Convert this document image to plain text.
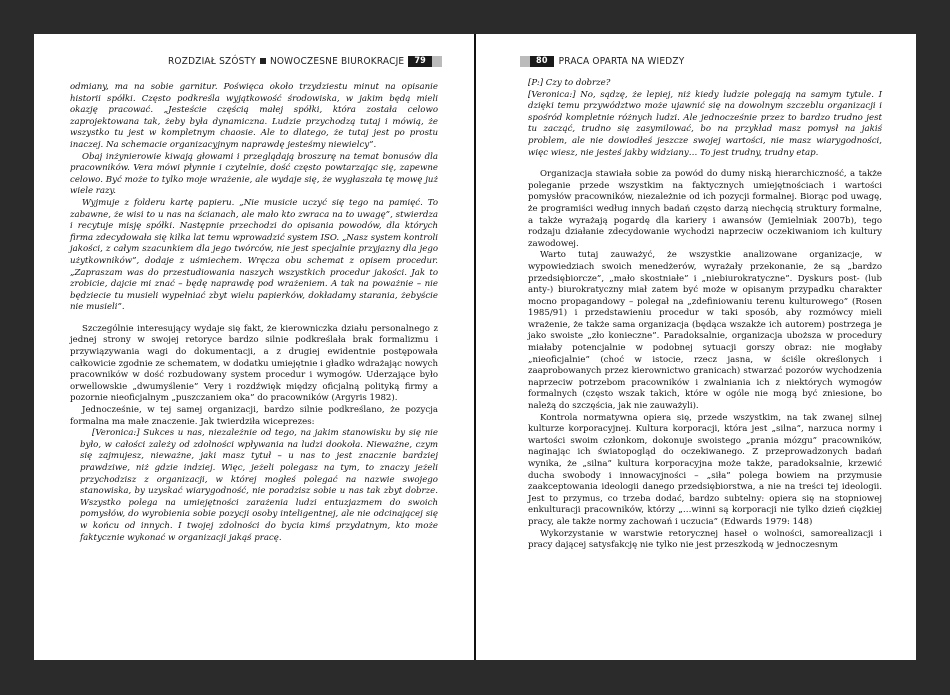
ROZDZIAŁ SZÓSTY NOWOCZESNE BIUROKRACJE	79

odmiany, ma na sobie garnitur. Poświęca około trzydziestu minut na opisanie historii spółki. Często podkreśla wyjątkowość środowiska, w jakim będą mieli okazję pracować. „Jesteście częścią małej spółki, która została celowo zaprojektowana tak, żeby była dynamiczna. Ludzie przychodzą tutaj i mówią, że wszystko tu jest w kompletnym chaosie. Ale to dlatego, że tutaj jest po prostu inaczej. Na schemacie organizacyjnym naprawdę jesteśmy niewielcy”.

Obaj inżynierowie kiwają głowami i przeglądają broszurę na temat bonusów dla pracowników. Vera mówi płynnie i czytelnie, dość często powtarzając się, zapewne celowo. Być może to tylko moje wrażenie, ale wydaje się, że wygłaszała tę mowę już wiele razy.

Wyjmuje z folderu kartę papieru. „Nie musicie uczyć się tego na pamięć. To zabawne, że wisi to u nas na ścianach, ale mało kto zwraca na to uwagę”, stwierdza i recytuje misję spółki. Następnie przechodzi do opisania powodów, dla których firma zdecydowała się kilka lat temu wprowadzić system ISO. „Nasz system kontroli jakości, z całym szacunkiem dla jego twórców, nie jest specjalnie przyjazny dla jego użytkowników”, dodaje z uśmiechem. Wręcza obu schemat z opisem procedur. „Zapraszam was do przestudiowania naszych wszystkich procedur jakości. Jak to zrobicie, dajcie mi znać – będę naprawdę pod wrażeniem. A tak na poważnie – nie będziecie tu musieli wypełniać zbyt wielu papierków, dokładamy starania, żebyście nie musieli”.

Szczególnie interesujący wydaje się fakt, że kierowniczka działu personalnego z jednej strony w swojej retoryce bardzo silnie podkreślała brak formalizmu i przywiązywania wagi do dokumentacji, a z drugiej ewidentnie postępowała całkowicie zgodnie ze schematem, w dodatku umiejętnie i gładko wdrażając nowych pracowników w dość rozbudowany system procedur i wymogów. Uderzające było orwellowskie „dwumyślenie” Very i rozdźwięk między oficjalną polityką firmy a pozornie nieoficjalnym „puszczaniem oka” do pracowników (Argyris 1982).

Jednocześnie, w tej samej organizacji, bardzo silnie podkreślano, że pozycja formalna ma małe znaczenie. Jak twierdziła wiceprezes:

[Veronica:] Sukces u nas, niezależnie od tego, na jakim stanowisku by się nie było, w całości zależy od zdolności wpływania na ludzi dookoła. Nieważne, czym się zajmujesz, nieważne, jaki masz tytuł – u nas to jest znacznie bardziej prawdziwe, niż gdzie indziej. Więc, jeżeli polegasz na tym, to znaczy jeżeli przychodzisz z organizacji, w której mogłeś polegać na nazwie swojego stanowiska, by uzyskać wiarygodność, nie poradzisz sobie u nas tak zbyt dobrze. Wszystko polega na umiejętności zarażenia ludzi entuzjazmem do swoich pomysłów, do wyrobienia sobie pozycji osoby inteligentnej, ale nie odcinającej się w końcu od innych. I twojej zdolności do bycia kimś przydatnym, kto może faktycznie wykonać w organizacji jakąś pracę.

80	PRACA OPARTA NA WIEDZY

[P:] Czy to dobrze?

[Veronica:] No, sądzę, że lepiej, niż kiedy ludzie polegają na samym tytule. I dzięki temu przywództwo może ujawnić się na dowolnym szczeblu organizacji i spośród kompletnie różnych ludzi. Ale jednocześnie przez to bardzo trudno jest tu zacząć, trudno się zasymilować, bo na przykład masz pomysł na jakiś problem, ale nie dowiodłeś jeszcze swojej wartości, nie masz wiarygodności, więc wiesz, nie jesteś jakby widziany… To jest trudny, trudny etap.

Organizacja stawiała sobie za powód do dumy niską hierarchiczność, a także poleganie przede wszystkim na faktycznych umiejętnościach i wartości pomysłów pracowników, niezależnie od ich pozycji formalnej. Biorąc pod uwagę, że programiści według innych badań często darzą niechęcią struktury formalne, a także wyrażają pogardę dla kariery i awansów (Jemielniak 2007b), tego rodzaju działanie zdecydowanie wychodzi naprzeciw oczekiwaniom ich kultury zawodowej.

Warto tutaj zauważyć, że wszystkie analizowane organizacje, w wypowiedziach swoich menedżerów, wyrażały przekonanie, że są „bardzo przedsiębiorcze”, „mało skostniałe” i „niebiurokratyczne”. Dyskurs post- (lub anty-) biurokratyczny miał zatem być może w opisanym przypadku charakter mocno propagandowy – polegał na „zdefiniowaniu terenu kulturowego” (Rosen 1985/91) i przedstawieniu procedur w taki sposób, aby rozmówcy mieli wrażenie, że także sama organizacja (będąca wszakże ich autorem) postrzega je jako swoiste „zło konieczne”. Paradoksalnie, organizacja uboższa w procedury miałaby potencjalnie w podobnej sytuacji gorszy obraz: nie mogłaby „nieoficjalnie” (choć w istocie, rzecz jasna, w ściśle określonych i zaaprobowanych przez kierownictwo granicach) stwarzać pozorów wychodzenia naprzeciw potrzebom pracowników i zwalniania ich z niektórych wymogów formalnych (często wszak takich, które w ogóle nie mogą być zniesione, bo należą do szczęścia, jak nie zauważyli).

Kontrola normatywna opiera się, przede wszystkim, na tak zwanej silnej kulturze korporacyjnej. Kultura korporacji, która jest „silna”, narzuca normy i wartości swoim członkom, dokonuje swoistego „prania mózgu” pracowników, naginając ich światopogląd do oczekiwanego. Z przeprowadzonych badań wynika, że „silna” kultura korporacyjna może także, paradoksalnie, krzewić ducha swobody i innowacyjności – „siła” polega bowiem na przymusie zaakceptowania ideologii danego przedsiębiorstwa, a nie na treści tej ideologii. Jest to przymus, co trzeba dodać, bardzo subtelny: opiera się na stopniowej enkulturacji pracowników, którzy „…winni są korporacji nie tylko dzień ciężkiej pracy, ale także normy zachowań i uczucia” (Edwards 1979: 148)

Wykorzystanie w warstwie retorycznej haseł o wolności, samorealizacji i pracy dającej satysfakcję nie tylko nie jest przeszkodą w jednoczesnym
